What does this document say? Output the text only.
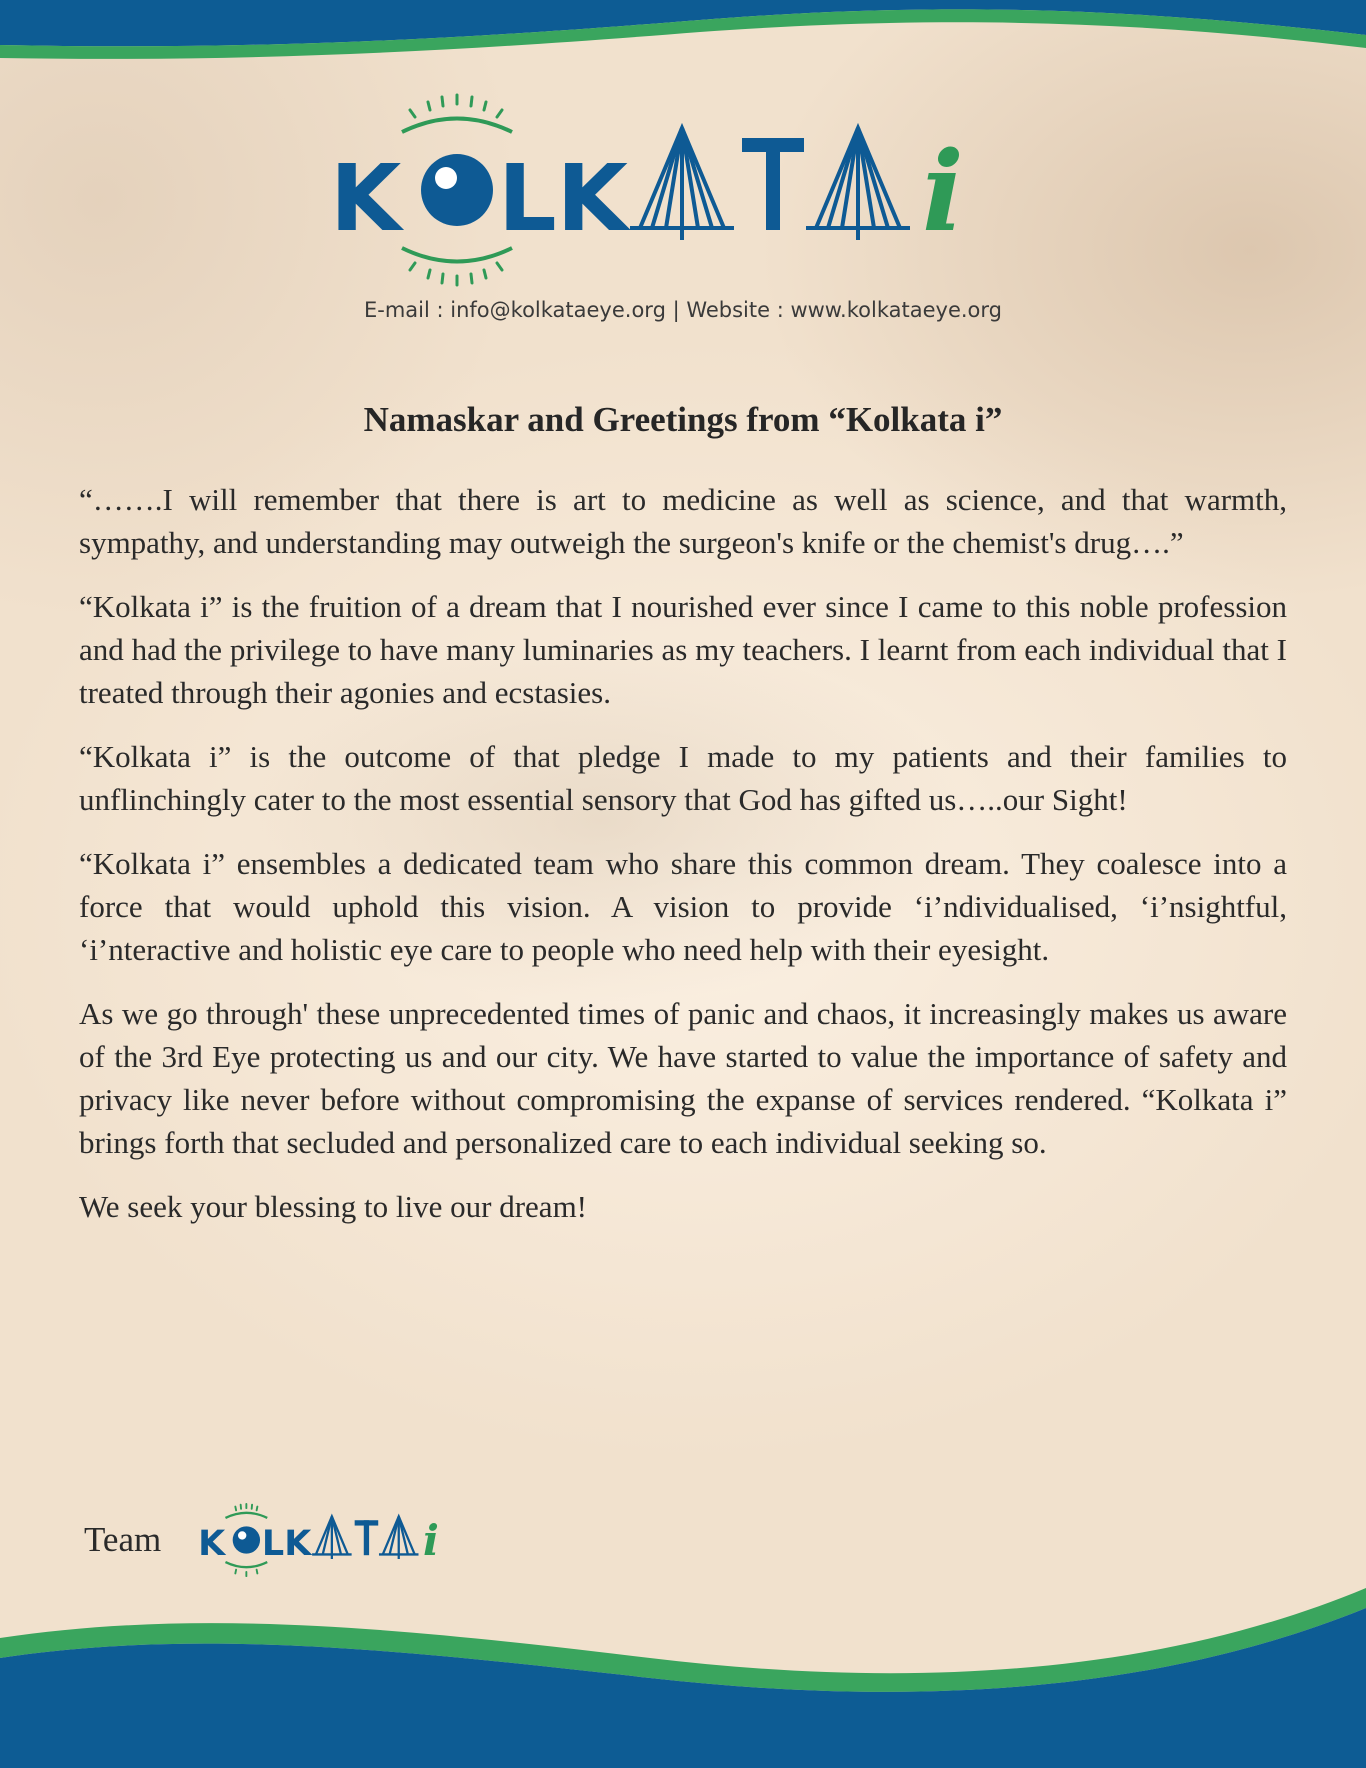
K LK	i
E-mail : info@kolkataeye.org | Website : www.kolkataeye.org
Namaskar and Greetings from “Kolkata i”

“…….I will remember that there is art to medicine as well as science, and that warmth, sympathy, and understanding may outweigh the surgeon's knife or the chemist's drug….”

“Kolkata i” is the fruition of a dream that I nourished ever since I came to this noble profession and had the privilege to have many luminaries as my teachers. I learnt from each individual that I treated through their agonies and ecstasies.

“Kolkata i” is the outcome of that pledge I made to my patients and their families to unflinchingly cater to the most essential sensory that God has gifted us…..our Sight!

“Kolkata i” ensembles a dedicated team who share this common dream. They coalesce into a force that would uphold this vision. A vision to provide ‘i’ndividualised, ‘i’nsightful, ‘i’nteractive and holistic eye care to people who need help with their eyesight.

As we go through' these unprecedented times of panic and chaos, it increasingly makes us aware of the 3rd Eye protecting us and our city. We have started to value the importance of safety and privacy like never before without compromising the expanse of services rendered. “Kolkata i” brings forth that secluded and personalized care to each individual seeking so.

We seek your blessing to live our dream!

Team K LK i
